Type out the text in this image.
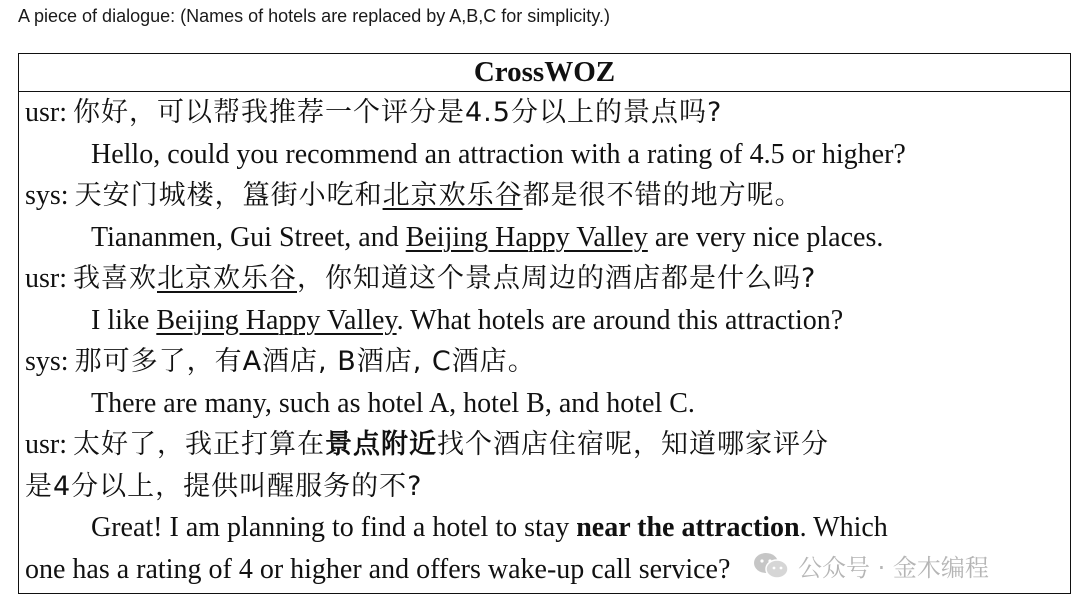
A piece of dialogue: (Names of hotels are replaced by A,B,C for simplicity.)
CrossWOZ
usr: 你好，可以帮我推荐一个评分是4.5分以上的景点吗?
Hello, could you recommend an attraction with a rating of 4.5 or higher?
sys: 天安门城楼，簋街小吃和北京欢乐谷都是很不错的地方呢。
Tiananmen, Gui Street, and Beijing Happy Valley are very nice places.
usr: 我喜欢北京欢乐谷，你知道这个景点周边的酒店都是什么吗?
I like Beijing Happy Valley. What hotels are around this attraction?
sys: 那可多了，有A酒店, B酒店, C酒店。
There are many, such as hotel A, hotel B, and hotel C.
usr: 太好了，我正打算在景点附近找个酒店住宿呢，知道哪家评分
是4分以上，提供叫醒服务的不?
Great! I am planning to find a hotel to stay near the attraction. Which
one has a rating of 4 or higher and offers wake-up call service?	公众号 · 金木编程
